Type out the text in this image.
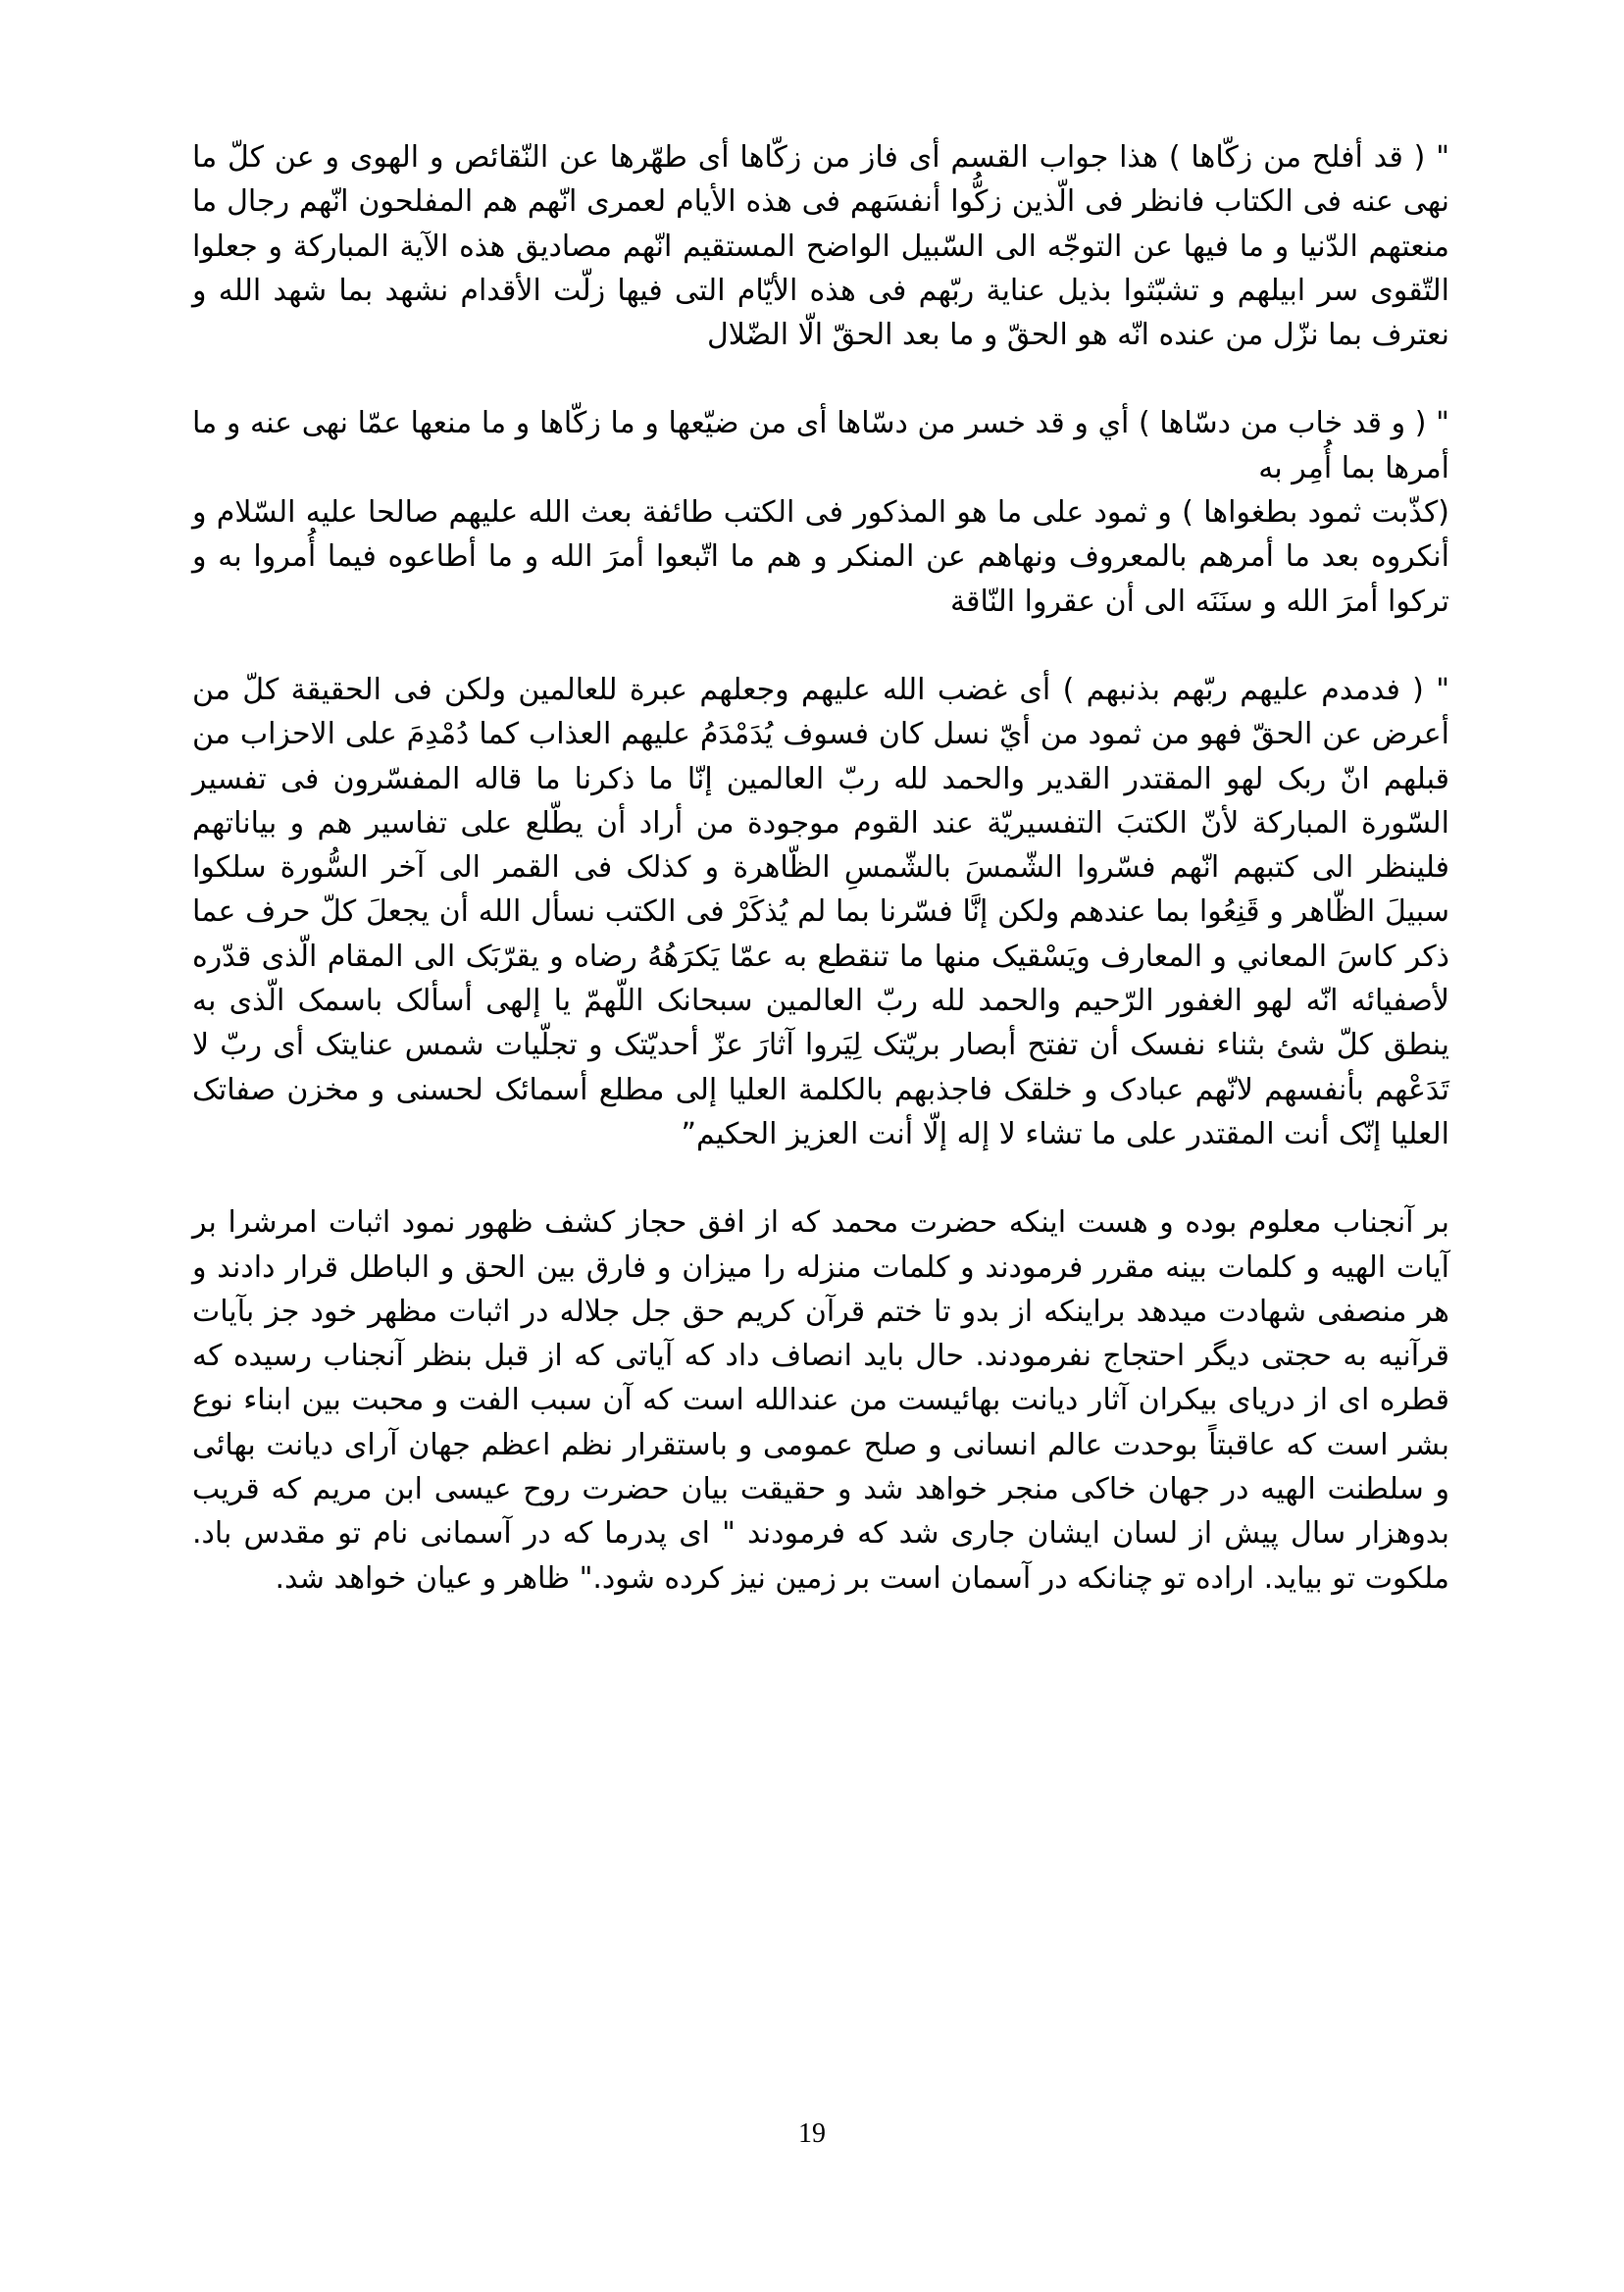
" ( قد أفلح من زكّاها ) هذا جواب القسم أى فاز من زكّاها أى طهّرها عن النّقائص و الهوى و عن كلّ ما نهى عنه فى الكتاب فانظر فى الّذين زكُّوا أنفسَهم فى هذه الأيام لعمرى انّهم هم المفلحون انّهم رجال ما منعتهم الدّنيا و ما فيها عن التوجّه الى السّبيل الواضح المستقيم انّهم مصاديق هذه الآية المباركة و جعلوا التّقوى سر ابيلهم و تشبّثوا بذيل عناية ربّهم فى هذه الأيّام التى فيها زلّت الأقدام نشهد بما شهد الله و نعترف بما نزّل من عنده انّه هو الحقّ و ما بعد الحقّ الّا الضّلال

" ( و قد خاب من دسّاها ) أي و قد خسر من دسّاها أى من ضيّعها و ما زكّاها و ما منعها عمّا نهى عنه و ما أمرها بما أُمِر به

(كذّبت ثمود بطغواها ) و ثمود على ما هو المذكور فى الكتب طائفة بعث الله عليهم صالحا عليه السّلام و أنكروه بعد ما أمرهم بالمعروف ونهاهم عن المنكر و هم ما اتّبعوا أمرَ الله و ما أطاعوه فيما أُمروا به و تركوا أمرَ الله و سنَنَه الى أن عقروا النّاقة

" ( فدمدم عليهم ربّهم بذنبهم ) أى غضب الله عليهم وجعلهم عبرة للعالمين ولكن فى الحقيقة كلّ من أعرض عن الحقّ فهو من ثمود من أيّ نسل كان فسوف يُدَمْدَمُ عليهم العذاب كما دُمْدِمَ على الاحزاب من قبلهم انّ ربک لهو المقتدر القدير والحمد لله ربّ العالمين إنّا ما ذكرنا ما قاله المفسّرون فى تفسير السّورة المباركة لأنّ الكتبَ التفسيريّة عند القوم موجودة من أراد أن يطّلع على تفاسير هم و بياناتهم فلينظر الى كتبهم انّهم فسّروا الشّمسَ بالشّمسِ الظّاهرة و كذلک فى القمر الى آخر السُّورة سلكوا سبيلَ الظّاهر و قَنِعُوا بما عندهم ولكن إنَّا فسّرنا بما لم يُذكَرْ فى الكتب نسأل الله أن يجعلَ كلّ حرف عما ذكر كاسَ المعاني و المعارف ويَسْقيک منها ما تنقطع به عمّا يَكرَهُهُ رضاه و يقرّبَک الى المقام الّذى قدّره لأصفيائه انّه لهو الغفور الرّحيم والحمد لله ربّ العالمين سبحانک اللّهمّ يا إلهى أسألک باسمک الّذى به ينطق كلّ شئ بثناء نفسک أن تفتح أبصار بريّتک لِيَروا آثارَ عزّ أحديّتک و تجلّيات شمس عنايتک أى ربّ لا تَدَعْهم بأنفسهم لانّهم عبادک و خلقک فاجذبهم بالكلمة العليا إلى مطلع أسمائک لحسنى و مخزن صفاتک العليا إنّک أنت المقتدر على ما تشاء لا إله إلّا أنت العزيز الحكيم”

بر آنجناب معلوم بوده و هست اينكه حضرت محمد كه از افق حجاز كشف ظهور نمود اثبات امرشرا بر آيات الهيه و كلمات بينه مقرر فرمودند و كلمات منزله را ميزان و فارق بين الحق و الباطل قرار دادند و هر منصفى شهادت ميدهد براينكه از بدو تا ختم قرآن كريم حق جل جلاله در اثبات مظهر خود جز بآيات قرآنيه به حجتى ديگر احتجاج نفرمودند. حال بايد انصاف داد كه آياتى كه از قبل بنظر آنجناب رسيده كه قطره اى از درياى بيكران آثار ديانت بهائيست من عندالله است كه آن سبب الفت و محبت بين ابناء نوع بشر است كه عاقبتاً بوحدت عالم انسانى و صلح عمومى و باستقرار نظم اعظم جهان آراى ديانت بهائى و سلطنت الهيه در جهان خاكى منجر خواهد شد و حقيقت بيان حضرت روح عيسى ابن مريم كه قريب بدوهزار سال پيش از لسان ايشان جارى شد كه فرمودند " اى پدرما كه در آسمانى نام تو مقدس باد. ملكوت تو بيايد. اراده تو چنانكه در آسمان است بر زمين نيز كرده شود." ظاهر و عيان خواهد شد.

19
